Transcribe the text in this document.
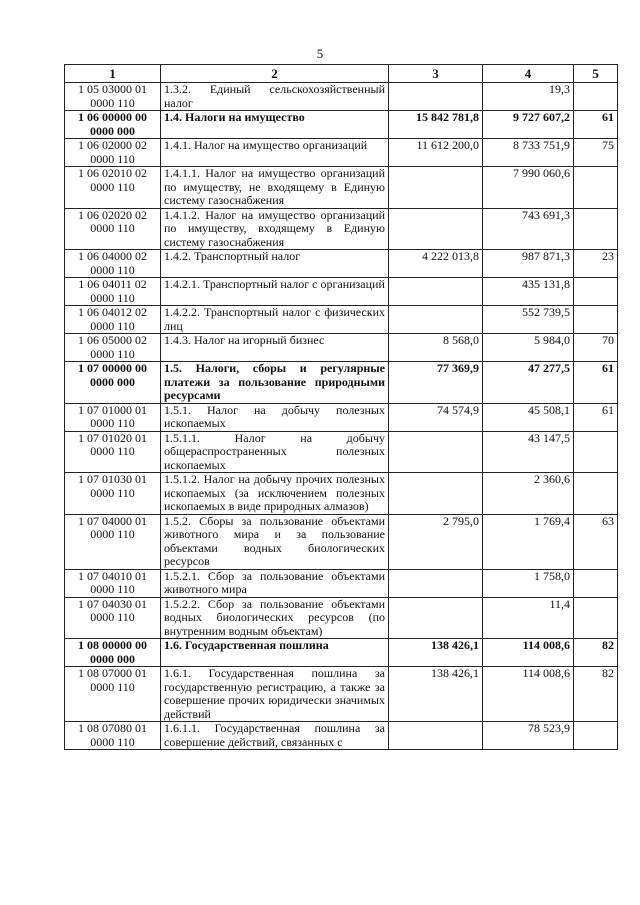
5
1	2	3	4	5
1 05 03000 01 0000 110	1.3.2. Единый сельскохозяйственный налог		19,3	
1 06 00000 00 0000 000	1.4. Налоги на имущество	15 842 781,8	9 727 607,2	61
1 06 02000 02 0000 110	1.4.1. Налог на имущество организаций	11 612 200,0	8 733 751,9	75
1 06 02010 02 0000 110	1.4.1.1. Налог на имущество организаций по имуществу, не входящему в Единую систему газоснабжения		7 990 060,6	
1 06 02020 02 0000 110	1.4.1.2. Налог на имущество организаций по имуществу, входящему в Единую систему газоснабжения		743 691,3	
1 06 04000 02 0000 110	1.4.2. Транспортный налог	4 222 013,8	987 871,3	23
1 06 04011 02 0000 110	1.4.2.1. Транспортный налог с организаций		435 131,8	
1 06 04012 02 0000 110	1.4.2.2. Транспортный налог с физических лиц		552 739,5	
1 06 05000 02 0000 110	1.4.3. Налог на игорный бизнес	8 568,0	5 984,0	70
1 07 00000 00 0000 000	1.5. Налоги, сборы и регулярные платежи за пользование природными ресурсами	77 369,9	47 277,5	61
1 07 01000 01 0000 110	1.5.1. Налог на добычу полезных ископаемых	74 574,9	45 508,1	61
1 07 01020 01 0000 110	1.5.1.1. Налог на добычу общераспространенных полезных ископаемых		43 147,5	
1 07 01030 01 0000 110	1.5.1.2. Налог на добычу прочих полезных ископаемых (за исключением полезных ископаемых в виде природных алмазов)		2 360,6	
1 07 04000 01 0000 110	1.5.2. Сборы за пользование объектами животного мира и за пользование объектами водных биологических ресурсов	2 795,0	1 769,4	63
1 07 04010 01 0000 110	1.5.2.1. Сбор за пользование объектами животного мира		1 758,0	
1 07 04030 01 0000 110	1.5.2.2. Сбор за пользование объектами водных биологических ресурсов (по внутренним водным объектам)		11,4	
1 08 00000 00 0000 000	1.6. Государственная пошлина	138 426,1	114 008,6	82
1 08 07000 01 0000 110	1.6.1. Государственная пошлина за государственную регистрацию, а также за совершение прочих юридически значимых действий	138 426,1	114 008,6	82
1 08 07080 01 0000 110	1.6.1.1. Государственная пошлина за совершение действий, связанных с		78 523,9	
